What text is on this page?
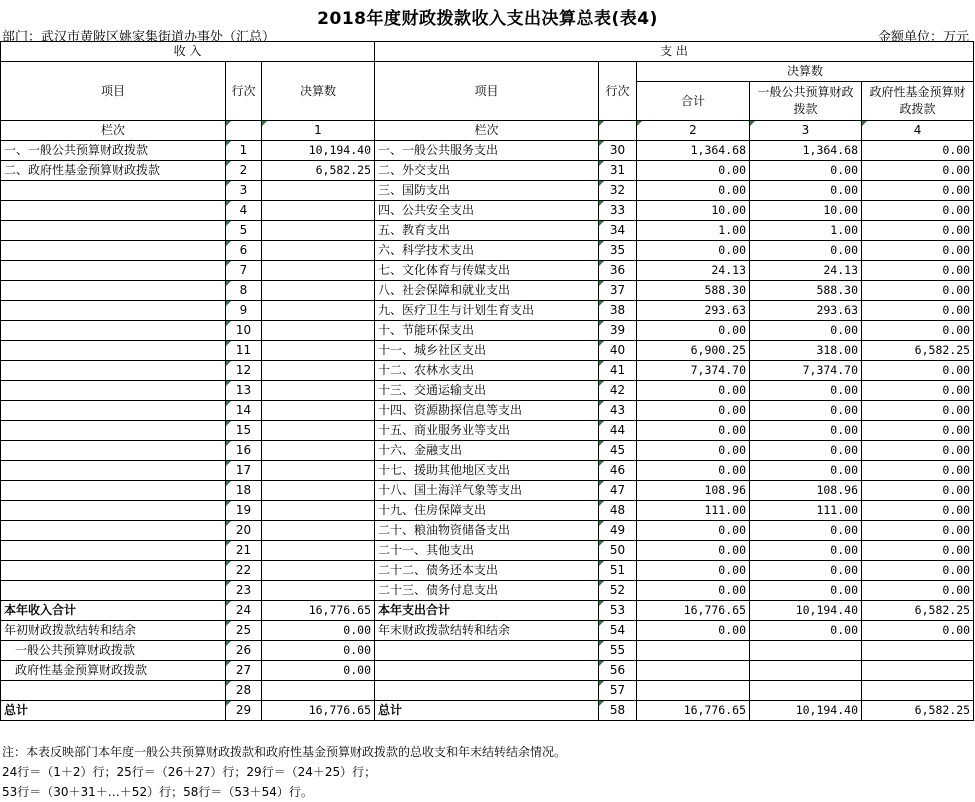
2018年度财政拨款收入支出决算总表(表4)
部门：武汉市黄陂区姚家集街道办事处（汇总）	金额单位：万元
收 入			支 出				
项目	行次	决算数	项目	行次	决算数		
					合计	一般公共预算财政拨款	政府性基金预算财政拨款
栏次		1	栏次		2	3	4
一、一般公共预算财政拨款	1	10,194.40	一、一般公共服务支出	30	1,364.68	1,364.68	0.00
二、政府性基金预算财政拨款	2	6,582.25	二、外交支出	31	0.00	0.00	0.00
	3		三、国防支出	32	0.00	0.00	0.00
	4		四、公共安全支出	33	10.00	10.00	0.00
	5		五、教育支出	34	1.00	1.00	0.00
	6		六、科学技术支出	35	0.00	0.00	0.00
	7		七、文化体育与传媒支出	36	24.13	24.13	0.00
	8		八、社会保障和就业支出	37	588.30	588.30	0.00
	9		九、医疗卫生与计划生育支出	38	293.63	293.63	0.00
	10		十、节能环保支出	39	0.00	0.00	0.00
	11		十一、城乡社区支出	40	6,900.25	318.00	6,582.25
	12		十二、农林水支出	41	7,374.70	7,374.70	0.00
	13		十三、交通运输支出	42	0.00	0.00	0.00
	14		十四、资源勘探信息等支出	43	0.00	0.00	0.00
	15		十五、商业服务业等支出	44	0.00	0.00	0.00
	16		十六、金融支出	45	0.00	0.00	0.00
	17		十七、援助其他地区支出	46	0.00	0.00	0.00
	18		十八、国土海洋气象等支出	47	108.96	108.96	0.00
	19		十九、住房保障支出	48	111.00	111.00	0.00
	20		二十、粮油物资储备支出	49	0.00	0.00	0.00
	21		二十一、其他支出	50	0.00	0.00	0.00
	22		二十二、债务还本支出	51	0.00	0.00	0.00
	23		二十三、债务付息支出	52	0.00	0.00	0.00
本年收入合计	24	16,776.65	本年支出合计	53	16,776.65	10,194.40	6,582.25
年初财政拨款结转和结余	25	0.00	年末财政拨款结转和结余	54	0.00	0.00	0.00
一般公共预算财政拨款	26	0.00		55			
政府性基金预算财政拨款	27	0.00		56			
	28			57			
总计	29	16,776.65	总计	58	16,776.65	10,194.40	6,582.25
注：本表反映部门本年度一般公共预算财政拨款和政府性基金预算财政拨款的总收支和年末结转结余情况。
24行＝（1＋2）行；25行＝（26＋27）行；29行＝（24＋25）行；
53行＝（30＋31＋…＋52）行；58行＝（53＋54）行。
